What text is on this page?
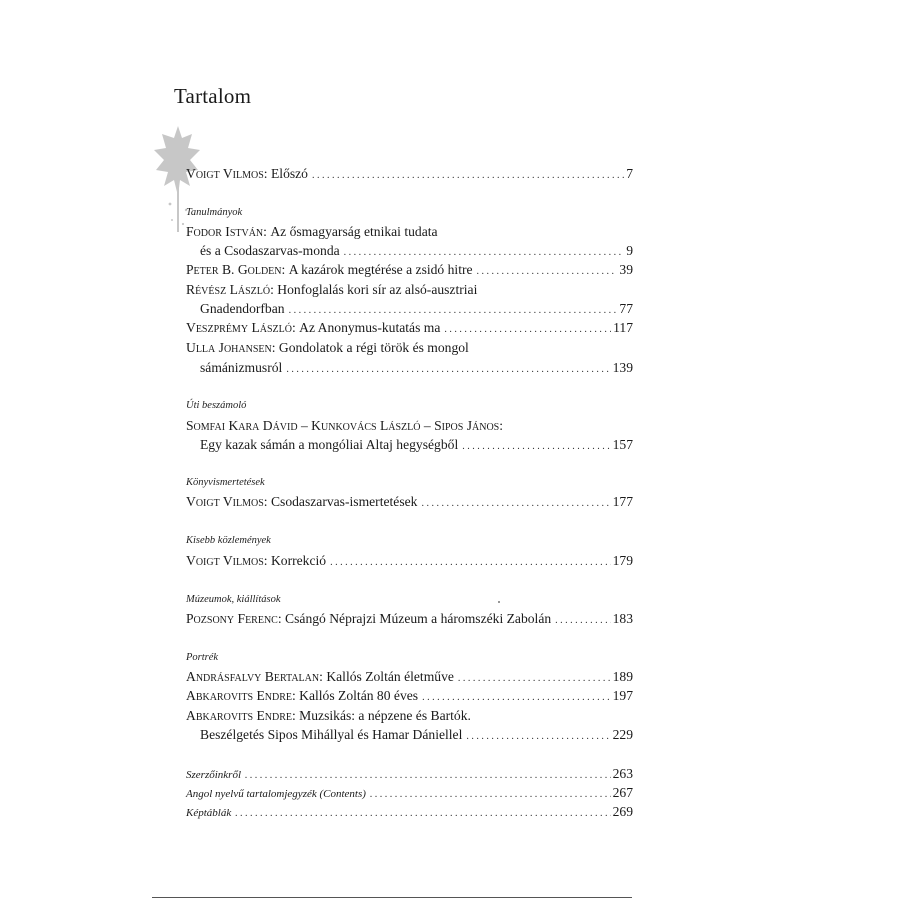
Tartalom
Voigt Vilmos: Előszó . . .	7
Tanulmányok
Fodor István: Az ősmagyarság etnikai tudata
és a Csodaszarvas-monda . . .	9
Peter B. Golden: A kazárok megtérése a zsidó hitre . . .	39
Révész László: Honfoglalás kori sír az alsó-ausztriai
Gnadendorfban . . .	77
Veszprémy László: Az Anonymus-kutatás ma . . .	117
Ulla Johansen: Gondolatok a régi török és mongol
sámánizmusról . . .	139
Úti beszámoló
Somfai Kara Dávid – Kunkovács László – Sipos János:
Egy kazak sámán a mongóliai Altaj hegységből . . .	157
Könyvismertetések
Voigt Vilmos: Csodaszarvas-ismertetések . . .	177
Kisebb közlemények
Voigt Vilmos: Korrekció . . .	179
Múzeumok, kiállítások
Pozsony Ferenc: Csángó Néprajzi Múzeum a háromszéki Zabolán . . .	183
Portrék
Andrásfalvy Bertalan: Kallós Zoltán életműve . . .	189
Abkarovits Endre: Kallós Zoltán 80 éves . . .	197
Abkarovits Endre: Muzsikás: a népzene és Bartók.
Beszélgetés Sipos Mihállyal és Hamar Dániellel . . .	229
Szerzőinkről . . .	263
Angol nyelvű tartalomjegyzék (Contents) . . .	267
Képtáblák . . .	269
